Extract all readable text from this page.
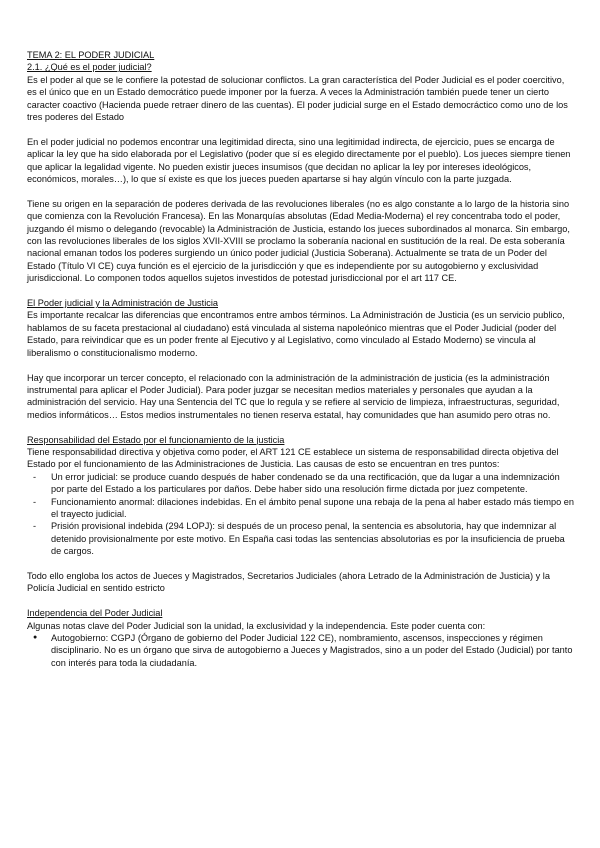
TEMA 2: EL PODER JUDICIAL

2.1. ¿Qué es el poder judicial?

Es el poder al que se le confiere la potestad de solucionar conflictos. La gran característica del Poder Judicial es el poder coercitivo, es el único que en un Estado democrático puede imponer por la fuerza. A veces la Administración también puede tener un cierto caracter coactivo (Hacienda puede retraer dinero de las cuentas). El poder judicial surge en el Estado democráctico como uno de los tres poderes del Estado

En el poder judicial no podemos encontrar una legitimidad directa, sino una legitimidad indirecta, de ejercicio, pues se encarga de aplicar la ley que ha sido elaborada por el Legislativo (poder que sí es elegido directamente por el pueblo). Los jueces siempre tienen que aplicar la legalidad vigente. No pueden existir jueces insumisos (que decidan no aplicar la ley por intereses ideológicos, económicos, morales…), lo que sí existe es que los jueces pueden apartarse si hay algún vínculo con la parte juzgada.

Tiene su origen en la separación de poderes derivada de las revoluciones liberales (no es algo constante a lo largo de la historia sino que comienza con la Revolución Francesa). En las Monarquías absolutas (Edad Media-Moderna) el rey concentraba todo el poder, juzgando él mismo o delegando (revocable) la Administración de Justicia, estando los jueces subordinados al monarca. Sin embargo, con las revoluciones liberales de los siglos XVII-XVIII se proclamo la soberanía nacional en sustitución de la real. De esta soberanía nacional emanan todos los poderes surgiendo un único poder judicial (Justicia Soberana). Actualmente se trata de un Poder del Estado (Título VI CE) cuya función es el ejercicio de la jurisdicción y que es independiente por su autogobierno y exclusividad jurisdiccional. Lo componen todos aquellos sujetos investidos de potestad jurisdiccional por el art 117 CE.

El Poder judicial y la Administración de Justicia

Es importante recalcar las diferencias que encontramos entre ambos términos. La Administración de Justicia (es un servicio publico, hablamos de su faceta prestacional al ciudadano) está vinculada al sistema napoleónico mientras que el Poder Judicial (poder del Estado, para reivindicar que es un poder frente al Ejecutivo y al Legislativo, como vinculado al Estado Moderno) se vincula al liberalismo o constitucionalismo moderno.

Hay que incorporar un tercer concepto, el relacionado con la administración de la administración de justicia (es la administración instrumental para aplicar el Poder Judicial). Para poder juzgar se necesitan medios materiales y personales que ayudan a la administración del servicio. Hay una Sentencia del TC que lo regula y se refiere al servicio de limpieza, infraestructuras, seguridad, medios informáticos… Estos medios instrumentales no tienen reserva estatal, hay comunidades que han asumido pero otras no.

Responsabilidad del Estado por el funcionamiento de la justicia

Tiene responsabilidad directiva y objetiva como poder, el ART 121 CE establece un sistema de responsabilidad directa objetiva del Estado por el funcionamiento de las Administraciones de Justicia. Las causas de esto se encuentran en tres puntos:

- Un error judicial: se produce cuando después de haber condenado se da una rectificación, que da lugar a una indemnización por parte del Estado a los particulares por daños. Debe haber sido una resolución firme dictada por juez competente.
- Funcionamiento anormal: dilaciones indebidas. En el ámbito penal supone una rebaja de la pena al haber estado más tiempo en el trayecto judicial.
- Prisión provisional indebida (294 LOPJ): si después de un proceso penal, la sentencia es absolutoria, hay que indemnizar al detenido provisionalmente por este motivo. En España casi todas las sentencias absolutorias es por la insuficiencia de prueba de cargos.

Todo ello engloba los actos de Jueces y Magistrados, Secretarios Judiciales (ahora Letrado de la Administración de Justicia) y la Policía Judicial en sentido estricto

Independencia del Poder Judicial

Algunas notas clave del Poder Judicial son la unidad, la exclusividad y la independencia. Este poder cuenta con:

● Autogobierno: CGPJ (Órgano de gobierno del Poder Judicial 122 CE), nombramiento, ascensos, inspecciones y régimen disciplinario. No es un órgano que sirva de autogobierno a Jueces y Magistrados, sino a un poder del Estado (Judicial) por tanto con interés para toda la ciudadanía.
